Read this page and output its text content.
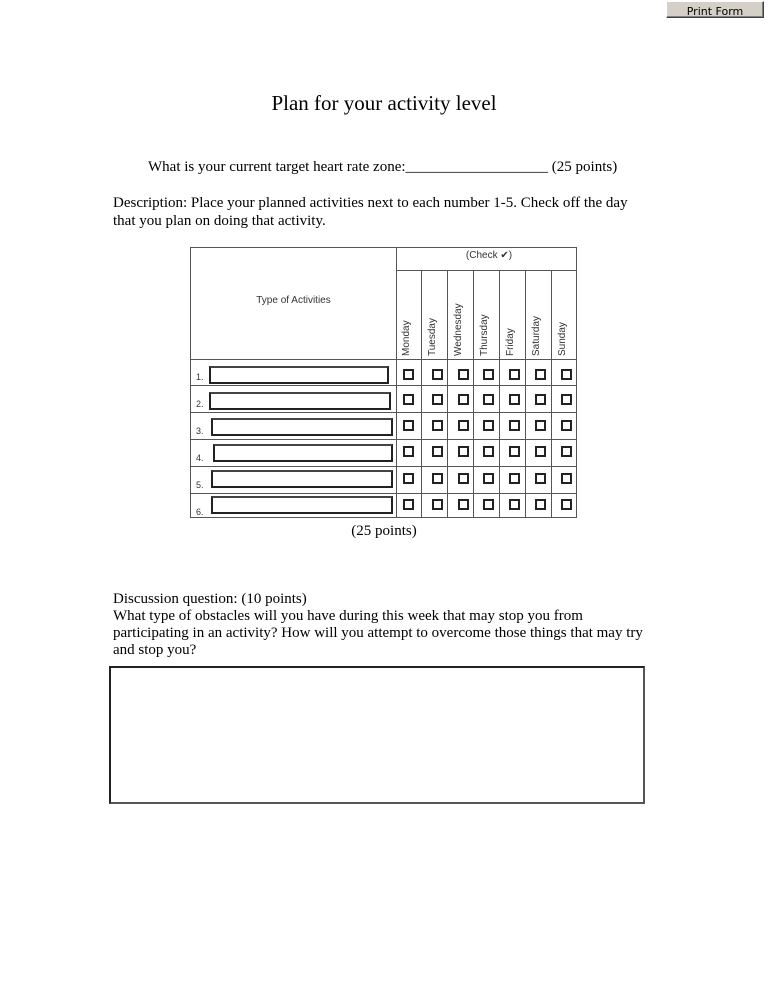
Print Form
Plan for your activity level
What is your current target heart rate zone:___________________ (25 points)
Description: Place your planned activities next to each number 1-5. Check off the day that you plan on doing that activity.
(Check ✔)
Type of Activities
Monday	Tuesday	Wednesday	Thursday	Friday	Saturday	Sunday
1.
2.
3.
4.
5.
6.
(25 points)
Discussion question: (10 points)
What type of obstacles will you have during this week that may stop you from participating in an activity? How will you attempt to overcome those things that may try and stop you?
